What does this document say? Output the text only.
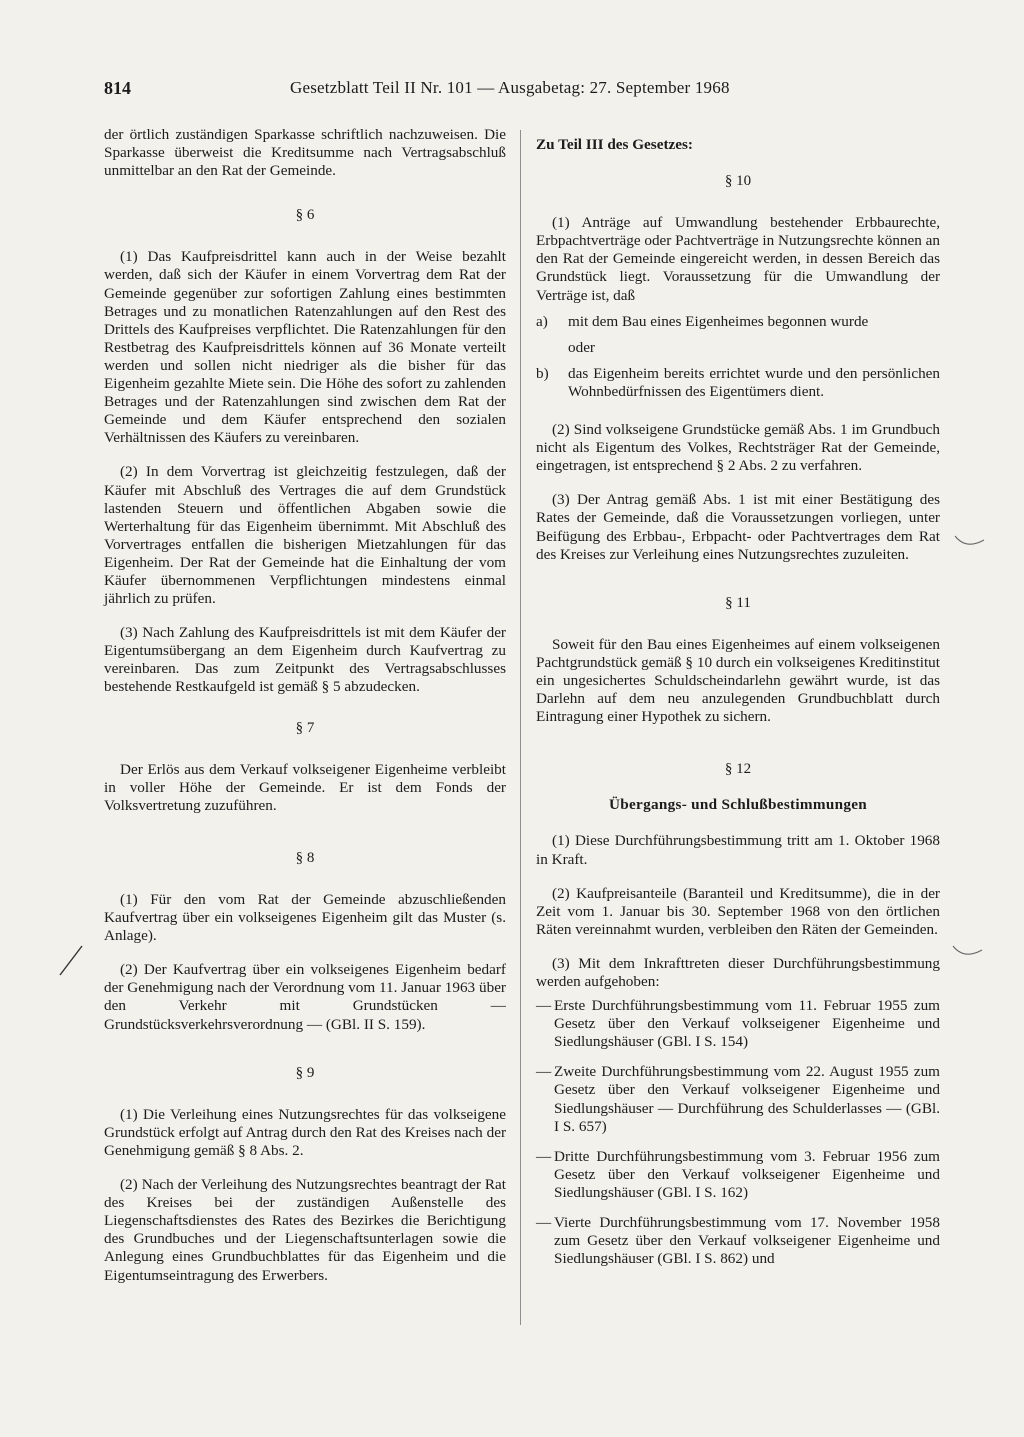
814	Gesetzblatt Teil II Nr. 101 — Ausgabetag: 27. September 1968

der örtlich zuständigen Sparkasse schriftlich nachzuweisen. Die Sparkasse überweist die Kreditsumme nach Vertragsabschluß unmittelbar an den Rat der Gemeinde.

§ 6

(1) Das Kaufpreisdrittel kann auch in der Weise bezahlt werden, daß sich der Käufer in einem Vorvertrag dem Rat der Gemeinde gegenüber zur sofortigen Zahlung eines bestimmten Betrages und zu monatlichen Ratenzahlungen auf den Rest des Drittels des Kaufpreises verpflichtet. Die Ratenzahlungen für den Restbetrag des Kaufpreisdrittels können auf 36 Monate verteilt werden und sollen nicht niedriger als die bisher für das Eigenheim gezahlte Miete sein. Die Höhe des sofort zu zahlenden Betrages und der Ratenzahlungen sind zwischen dem Rat der Gemeinde und dem Käufer entsprechend den sozialen Verhältnissen des Käufers zu vereinbaren.

(2) In dem Vorvertrag ist gleichzeitig festzulegen, daß der Käufer mit Abschluß des Vertrages die auf dem Grundstück lastenden Steuern und öffentlichen Abgaben sowie die Werterhaltung für das Eigenheim übernimmt. Mit Abschluß des Vorvertrages entfallen die bisherigen Mietzahlungen für das Eigenheim. Der Rat der Gemeinde hat die Einhaltung der vom Käufer übernommenen Verpflichtungen mindestens einmal jährlich zu prüfen.

(3) Nach Zahlung des Kaufpreisdrittels ist mit dem Käufer der Eigentumsübergang an dem Eigenheim durch Kaufvertrag zu vereinbaren. Das zum Zeitpunkt des Vertragsabschlusses bestehende Restkaufgeld ist gemäß § 5 abzudecken.

§ 7

Der Erlös aus dem Verkauf volkseigener Eigenheime verbleibt in voller Höhe der Gemeinde. Er ist dem Fonds der Volksvertretung zuzuführen.

§ 8

(1) Für den vom Rat der Gemeinde abzuschließenden Kaufvertrag über ein volkseigenes Eigenheim gilt das Muster (s. Anlage).

(2) Der Kaufvertrag über ein volkseigenes Eigenheim bedarf der Genehmigung nach der Verordnung vom 11. Januar 1963 über den Verkehr mit Grundstücken — Grundstücksverkehrsverordnung — (GBl. II S. 159).

§ 9

(1) Die Verleihung eines Nutzungsrechtes für das volkseigene Grundstück erfolgt auf Antrag durch den Rat des Kreises nach der Genehmigung gemäß § 8 Abs. 2.

(2) Nach der Verleihung des Nutzungsrechtes beantragt der Rat des Kreises bei der zuständigen Außenstelle des Liegenschaftsdienstes des Rates des Bezirkes die Berichtigung des Grundbuches und der Liegenschaftsunterlagen sowie die Anlegung eines Grundbuchblattes für das Eigenheim und die Eigentumseintragung des Erwerbers.

Zu Teil III des Gesetzes:

§ 10

(1) Anträge auf Umwandlung bestehender Erbbaurechte, Erbpachtverträge oder Pachtverträge in Nutzungsrechte können an den Rat der Gemeinde eingereicht werden, in dessen Bereich das Grundstück liegt. Voraussetzung für die Umwandlung der Verträge ist, daß

a)	mit dem Bau eines Eigenheimes begonnen wurde
oder
b)	das Eigenheim bereits errichtet wurde und den persönlichen Wohnbedürfnissen des Eigentümers dient.

(2) Sind volkseigene Grundstücke gemäß Abs. 1 im Grundbuch nicht als Eigentum des Volkes, Rechtsträger Rat der Gemeinde, eingetragen, ist entsprechend § 2 Abs. 2 zu verfahren.

(3) Der Antrag gemäß Abs. 1 ist mit einer Bestätigung des Rates der Gemeinde, daß die Voraussetzungen vorliegen, unter Beifügung des Erbbau-, Erbpacht- oder Pachtvertrages dem Rat des Kreises zur Verleihung eines Nutzungsrechtes zuzuleiten.

§ 11

Soweit für den Bau eines Eigenheimes auf einem volkseigenen Pachtgrundstück gemäß § 10 durch ein volkseigenes Kreditinstitut ein ungesichertes Schuldscheindarlehn gewährt wurde, ist das Darlehn auf dem neu anzulegenden Grundbuchblatt durch Eintragung einer Hypothek zu sichern.

§ 12
Übergangs- und Schlußbestimmungen

(1) Diese Durchführungsbestimmung tritt am 1. Oktober 1968 in Kraft.

(2) Kaufpreisanteile (Baranteil und Kreditsumme), die in der Zeit vom 1. Januar bis 30. September 1968 von den örtlichen Räten vereinnahmt wurden, verbleiben den Räten der Gemeinden.

(3) Mit dem Inkrafttreten dieser Durchführungsbestimmung werden aufgehoben:

— Erste Durchführungsbestimmung vom 11. Februar 1955 zum Gesetz über den Verkauf volkseigener Eigenheime und Siedlungshäuser (GBl. I S. 154)
— Zweite Durchführungsbestimmung vom 22. August 1955 zum Gesetz über den Verkauf volkseigener Eigenheime und Siedlungshäuser — Durchführung des Schulderlasses — (GBl. I S. 657)
— Dritte Durchführungsbestimmung vom 3. Februar 1956 zum Gesetz über den Verkauf volkseigener Eigenheime und Siedlungshäuser (GBl. I S. 162)
— Vierte Durchführungsbestimmung vom 17. November 1958 zum Gesetz über den Verkauf volkseigener Eigenheime und Siedlungshäuser (GBl. I S. 862) und
